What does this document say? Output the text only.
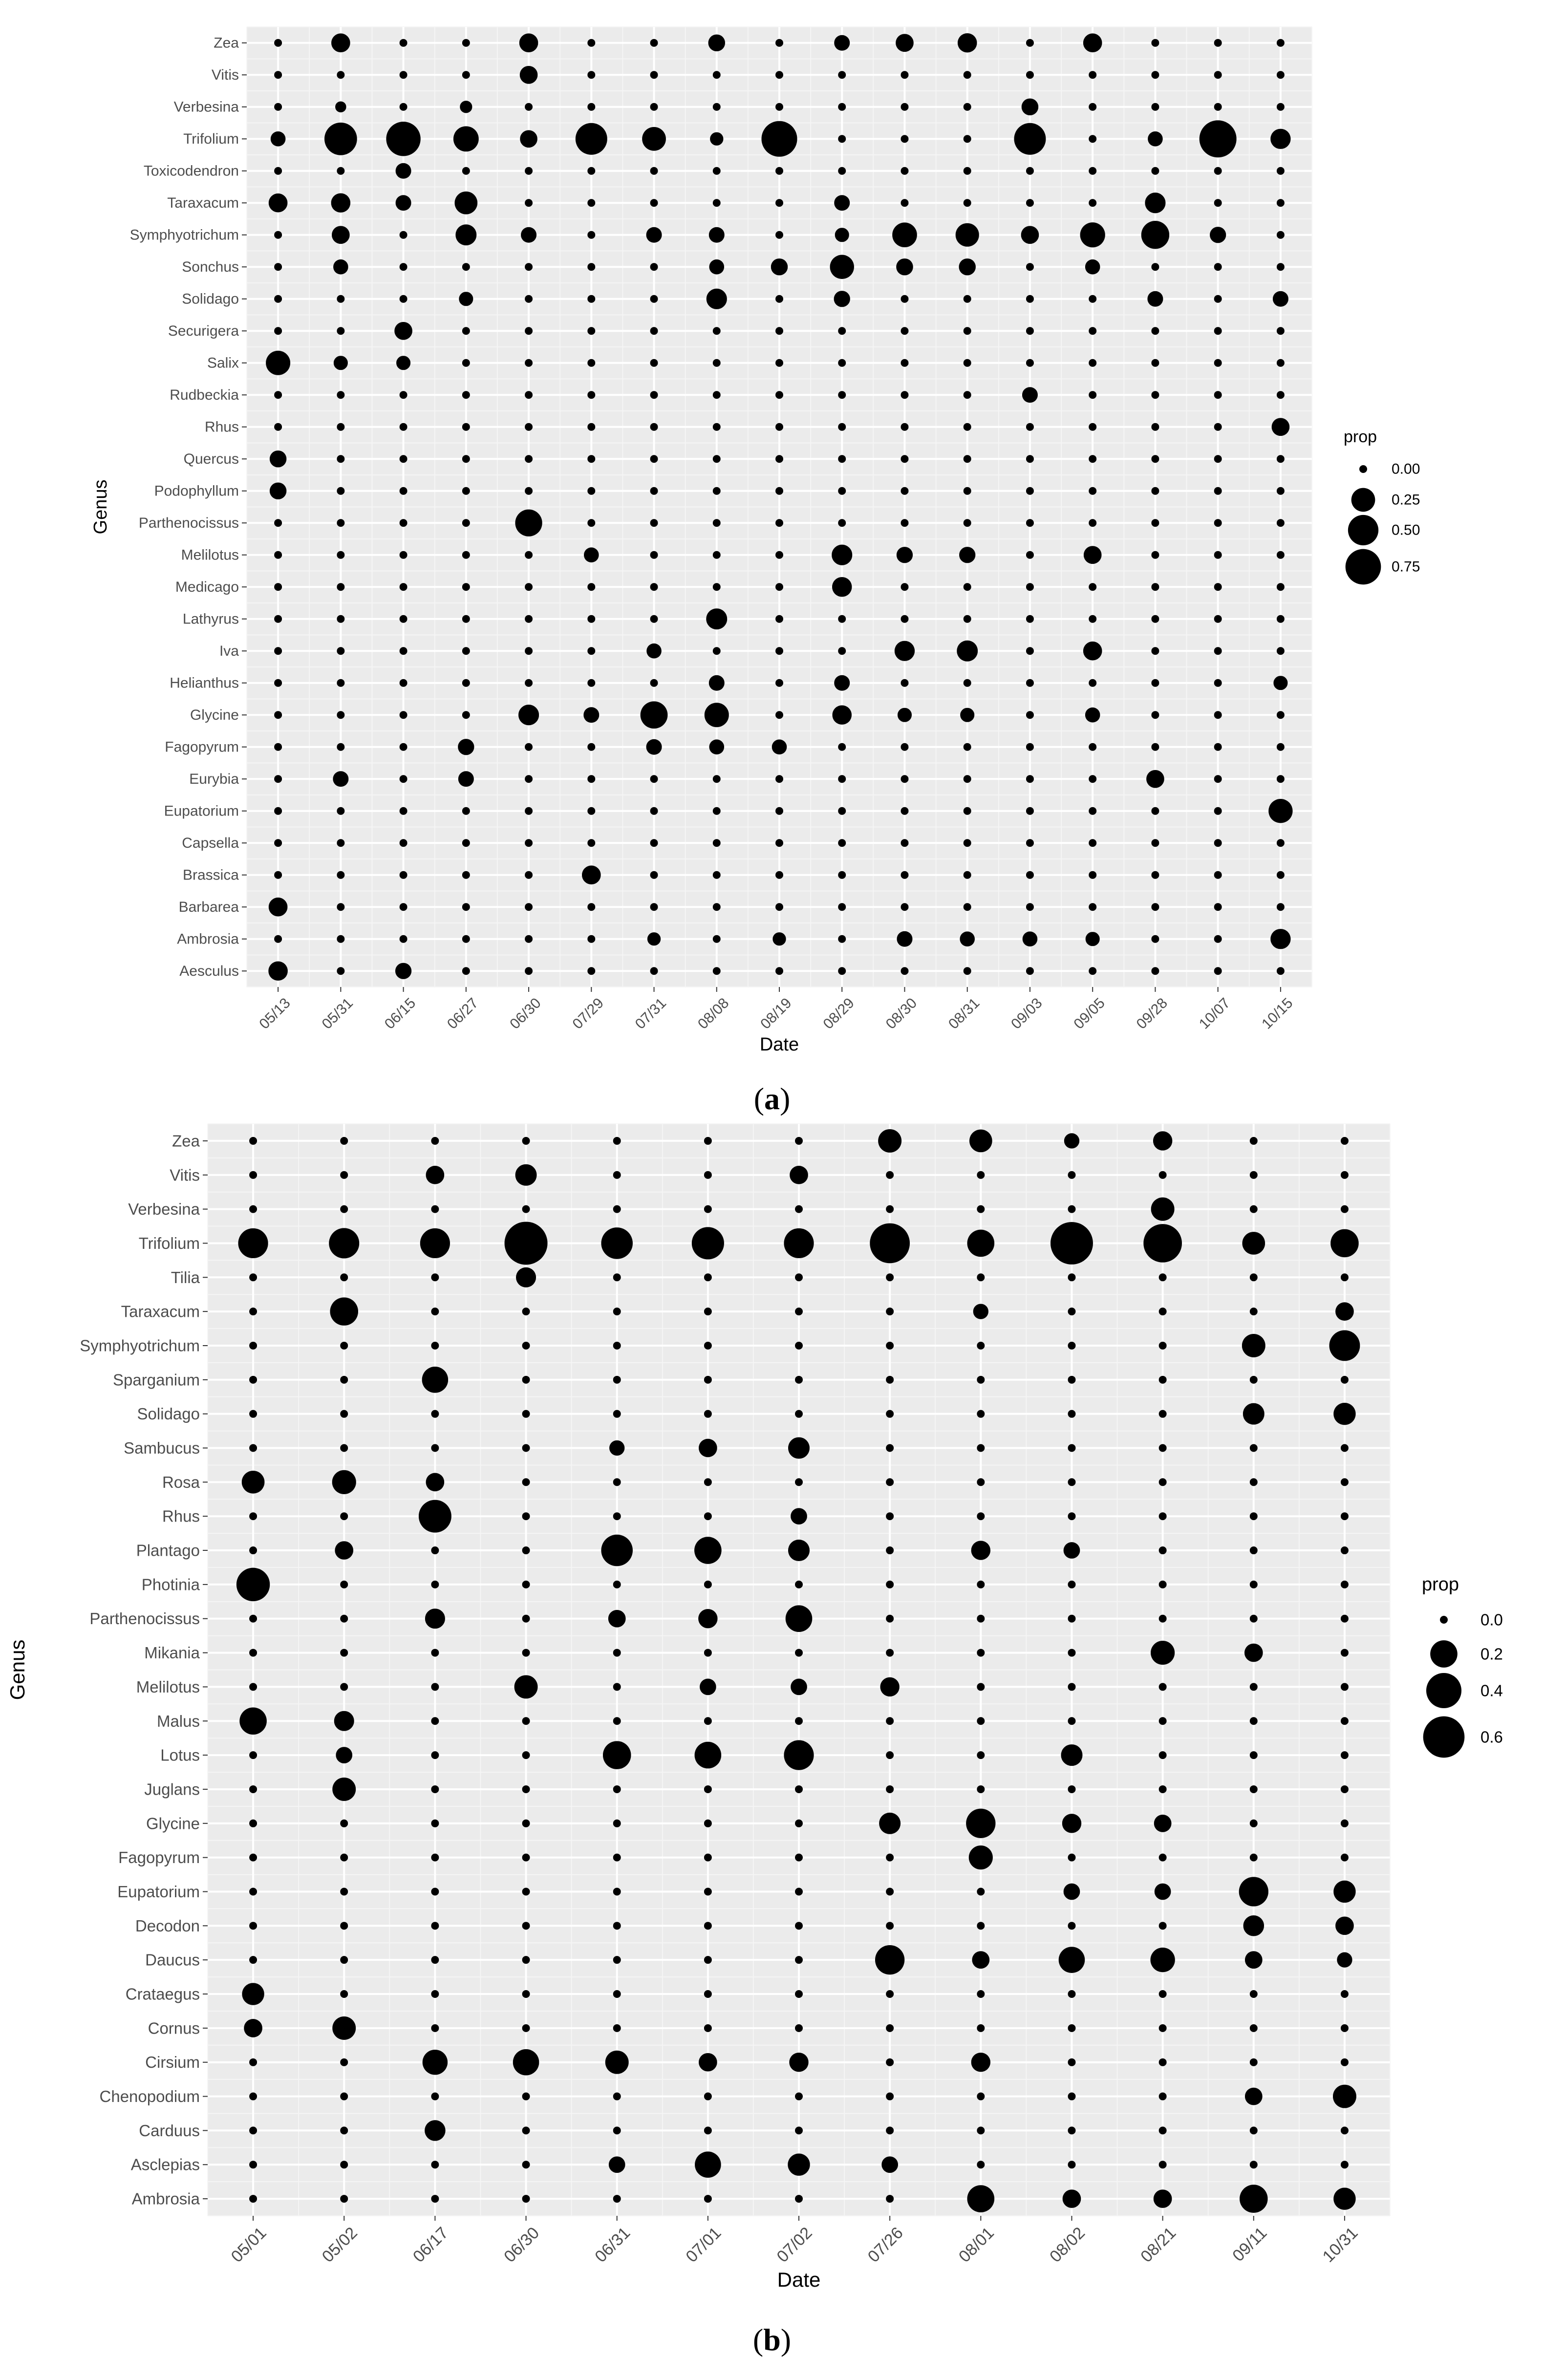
Aesculus
Ambrosia
Barbarea
Brassica
Capsella
Eupatorium
Eurybia
Fagopyrum
Glycine
Helianthus
Iva
Lathyrus
Medicago
Melilotus
Parthenocissus
Podophyllum
Quercus
Rhus
Rudbeckia
Salix
Securigera
Solidago
Sonchus
Symphyotrichum
Taraxacum
Toxicodendron
Trifolium
Verbesina
Vitis
Zea
05/13 05/31 06/15 06/27 06/30 07/29 07/31 08/08 08/19 08/29 08/30 08/31 09/03 09/05 09/28 10/07 10/15
Date
Genus
prop
0.00
0.25
0.50
0.75
(a)
Ambrosia
Asclepias
Carduus
Chenopodium
Cirsium
Cornus
Crataegus
Daucus
Decodon
Eupatorium
Fagopyrum
Glycine
Juglans
Lotus
Malus
Melilotus
Mikania
Parthenocissus
Photinia
Plantago
Rhus
Rosa
Sambucus
Solidago
Sparganium
Symphyotrichum
Taraxacum
Tilia
Trifolium
Verbesina
Vitis
Zea
05/01	05/02	06/17	06/30	06/31	07/01	07/02	07/26	08/01	08/02	08/21	09/11	10/31
Date
Genus
prop
0.0
0.2
0.4
0.6
(b)
